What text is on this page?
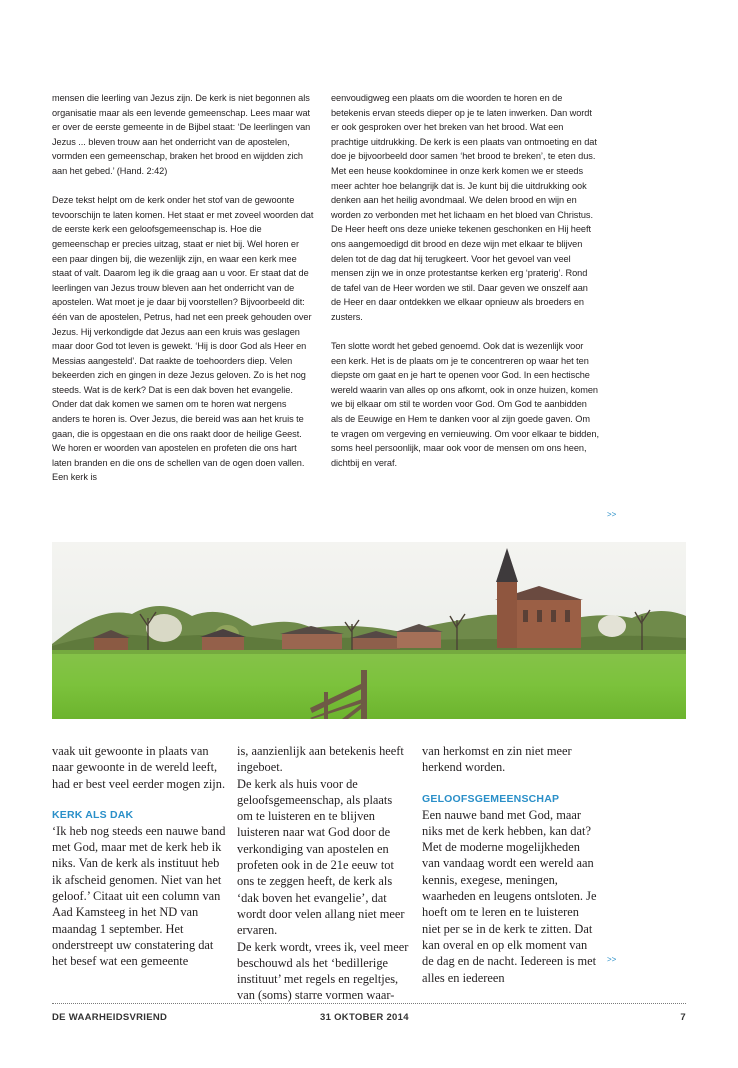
mensen die leerling van Jezus zijn. De kerk is niet begonnen als organisatie maar als een levende gemeenschap. Lees maar wat er over de eerste gemeente in de Bijbel staat: ‘De leerlingen van Jezus ... bleven trouw aan het onderricht van de apostelen, vormden een gemeenschap, braken het brood en wijdden zich aan het gebed.’ (Hand. 2:42)

Deze tekst helpt om de kerk onder het stof van de gewoonte tevoorschijn te laten komen. Het staat er met zoveel woorden dat de eerste kerk een geloofsgemeenschap is. Hoe die gemeenschap er precies uitzag, staat er niet bij. Wel horen er een paar dingen bij, die wezenlijk zijn, en waar een kerk mee staat of valt. Daarom leg ik die graag aan u voor. Er staat dat de leerlingen van Jezus trouw bleven aan het onderricht van de apostelen. Wat moet je je daar bij voorstellen? Bijvoorbeeld dit: één van de apostelen, Petrus, had net een preek gehouden over Jezus. Hij verkondigde dat Jezus aan een kruis was geslagen maar door God tot leven is gewekt. ‘Hij is door God als Heer en Messias aangesteld’. Dat raakte de toehoorders diep. Velen bekeerden zich en gingen in deze Jezus geloven. Zo is het nog steeds. Wat is de kerk? Dat is een dak boven het evangelie. Onder dat dak komen we samen om te horen wat nergens anders te horen is. Over Jezus, die bereid was aan het kruis te gaan, die is opgestaan en die ons raakt door de heilige Geest. We horen er woorden van apostelen en profeten die ons hart laten branden en die ons de schellen van de ogen doen vallen. Een kerk is

eenvoudigweg een plaats om die woorden te horen en de betekenis ervan steeds dieper op je te laten inwerken. Dan wordt er ook gesproken over het breken van het brood. Wat een prachtige uitdrukking. De kerk is een plaats van ontmoeting en dat doe je bijvoorbeeld door samen ‘het brood te breken’, te eten dus. Met een heuse kookdominee in onze kerk komen we er steeds meer achter hoe belangrijk dat is. Je kunt bij die uitdrukking ook denken aan het heilig avondmaal. We delen brood en wijn en worden zo verbonden met het lichaam en het bloed van Christus. De Heer heeft ons deze unieke tekenen geschonken en Hij heeft ons aangemoedigd dit brood en deze wijn met elkaar te blijven delen tot de dag dat hij terugkeert. Voor het gevoel van veel mensen zijn we in onze protestantse kerken erg ‘praterig’. Rond de tafel van de Heer worden we stil. Daar geven we onszelf aan de Heer en daar ontdekken we elkaar opnieuw als broeders en zusters.

Ten slotte wordt het gebed genoemd. Ook dat is wezenlijk voor een kerk. Het is de plaats om je te concentreren op waar het ten diepste om gaat en je hart te openen voor God. In een hectische wereld waarin van alles op ons afkomt, ook in onze huizen, komen we bij elkaar om stil te worden voor God. Om God te aanbidden als de Eeuwige en Hem te danken voor al zijn goede gaven. Om te vragen om vergeving en vernieuwing. Om voor elkaar te bidden, soms heel persoonlijk, maar ook voor de mensen om ons heen, dichtbij en veraf.

>>

vaak uit gewoonte in plaats van naar gewoonte in de wereld leeft, had er best veel eerder mogen zijn.

KERK ALS DAK

‘Ik heb nog steeds een nauwe band met God, maar met de kerk heb ik niks. Van de kerk als instituut heb ik afscheid genomen. Niet van het geloof.’ Citaat uit een column van Aad Kamsteeg in het ND van maandag 1 september. Het onderstreept uw constatering dat het besef wat een gemeente

is, aanzienlijk aan betekenis heeft ingeboet.

De kerk als huis voor de geloofsgemeenschap, als plaats om te luisteren en te blijven luisteren naar wat God door de verkondiging van apostelen en profeten ook in de 21e eeuw tot ons te zeggen heeft, de kerk als ‘dak boven het evangelie’, dat wordt door velen allang niet meer ervaren.

De kerk wordt, vrees ik, veel meer beschouwd als het ‘bedillerige instituut’ met regels en regeltjes, van (soms) starre vormen waar-

van herkomst en zin niet meer herkend worden.

GELOOFSGEMEENSCHAP

Een nauwe band met God, maar niks met de kerk hebben, kan dat? Met de moderne mogelijkheden van vandaag wordt een wereld aan kennis, exegese, meningen, waarheden en leugens ontsloten. Je hoeft om te leren en te luisteren niet per se in de kerk te zitten. Dat kan overal en op elk moment van de dag en de nacht. Iedereen is met alles en iedereen

>>
DE WAARHEIDSVRIEND	31 OKTOBER 2014	7
